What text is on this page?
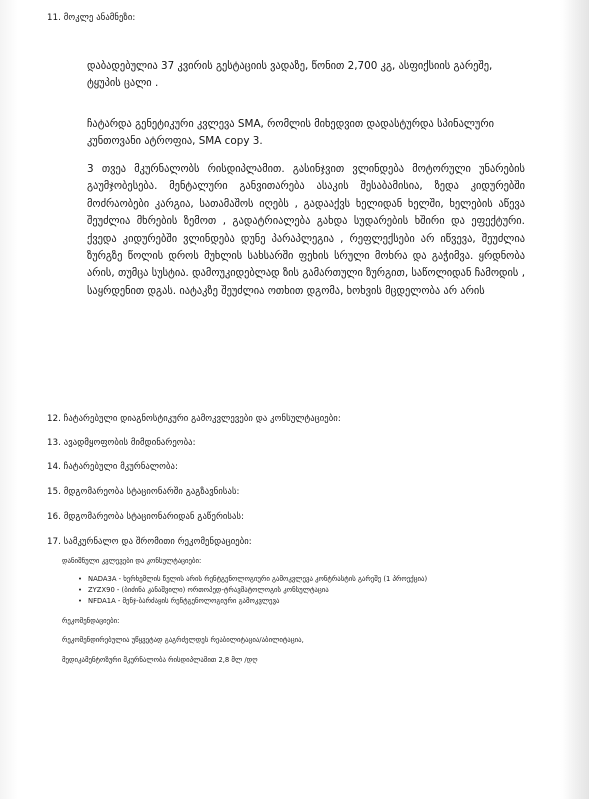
11. მოკლე ანამნეზი:
დაბადებულია 37 კვირის გესტაციის ვადაზე, წონით 2,700 კგ, ასფიქსიის გარეშე, ტყუპის ცალი .
ჩატარდა გენეტიკური კვლევა SMA, რომლის მიხედვით დადასტურდა სპინალური კუნთოვანი ატროფია, SMA copy 3.
3 თვეა მკურნალობს რისდიპლამით. გასინჯვით ვლინდება მოტორული უნარების გაუმჯობესება. მენტალური განვითარება ასაკის შესაბამისია, ზედა კიდურებში მოძრაობები კარგია, სათამაშოს იღებს , გადააქვს ხელიდან ხელში, ხელების აწევა შეუძლია მხრების ზემოთ , გადატრიალება გახდა სუდარების ხშირი და ეფექტური. ქვედა კიდურებში ვლინდება დუნე პარაპლეგია , რეფლექსები არ იწვევა, შეუძლია ზურგზე წოლის დროს მუხლის სახსარში ფეხის სრული მოხრა და გაჭიმვა. ყრდნობა არის, თუმცა სუსტია. დამოუკიდებლად ზის გამართული ზურგით, საწოლიდან ჩამოდის , საყრდენით დგას. იატაკზე შეუძლია ოთხით დგომა, ხოხვის მცდელობა არ არის
12. ჩატარებული დიაგნოსტიკური გამოკვლევები და კონსულტაციები:
13. ავადმყოფობის მიმდინარეობა:
14. ჩატარებული მკურნალობა:
15. მდგომარეობა სტაციონარში გაგზავნისას:
16. მდგომარეობა სტაციონარიდან გაწერისას:
17. სამკურნალო და შრომითი რეკომენდაციები:
დანიშნული კვლევები და კონსულტაციები:
• NADA3A - ხერხემლის წელის არის რენტგენოლოგიური გამოკვლევა კონტრასტის გარეშე (1 პროექცია)
• ZYZX90 - (ბიძინა კანაშვილი) ორთოპედ-ტრავმატოლოგის კონსულტაცია
• NFDA1A - მენჯ-ბარძაყის რენტგენოლოგიური გამოკვლევა
რეკომენდაციები:
რეკომენდირებულია უწყვეტად გაგრძელდეს რეაბილიტაცია/აბილიტაცია,
მედიკამენტოზური მკურნალობა რისდიპლამით 2,8 მლ /დღ
